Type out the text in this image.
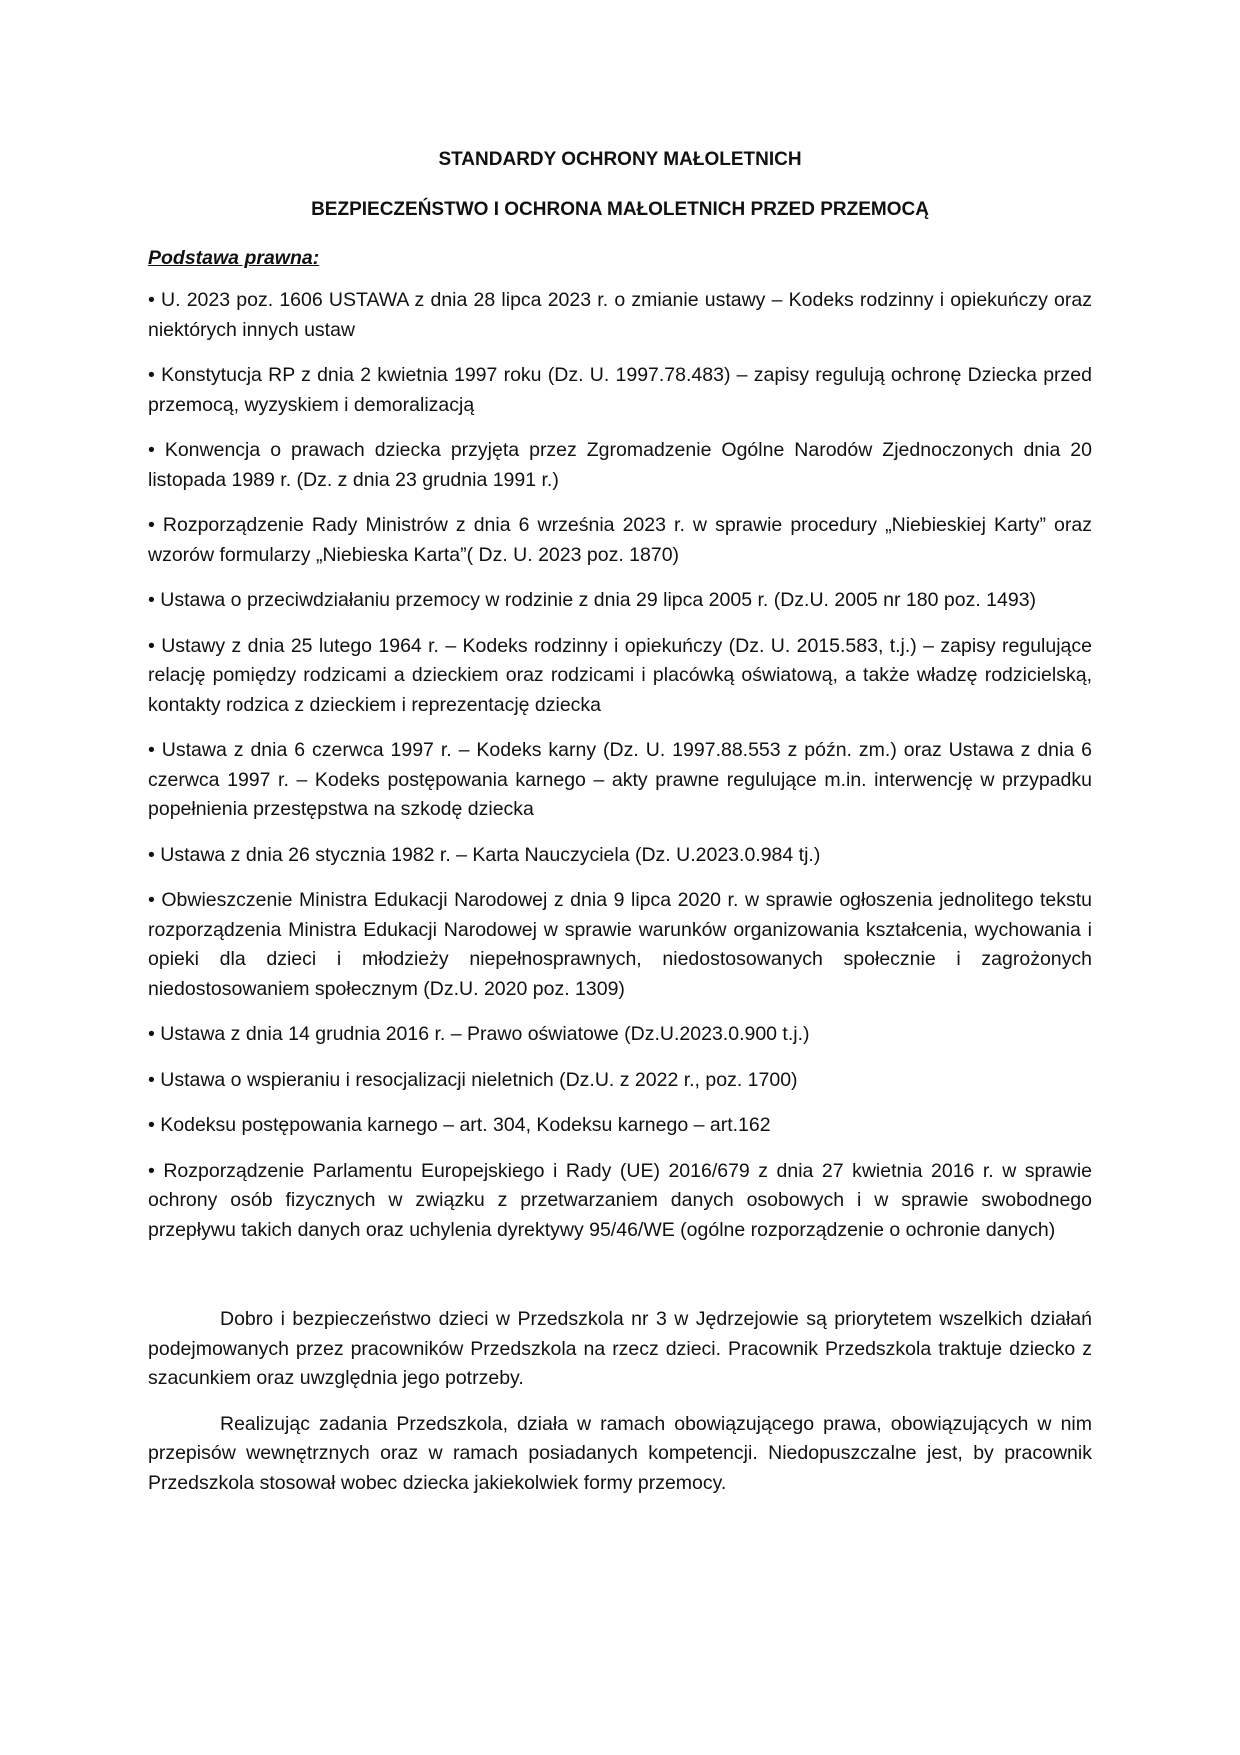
STANDARDY OCHRONY MAŁOLETNICH
BEZPIECZEŃSTWO I OCHRONA MAŁOLETNICH PRZED PRZEMOCĄ

Podstawa prawna:

• U. 2023 poz. 1606 USTAWA z dnia 28 lipca 2023 r. o zmianie ustawy – Kodeks rodzinny i opiekuńczy oraz niektórych innych ustaw
• Konstytucja RP z dnia 2 kwietnia 1997 roku (Dz. U. 1997.78.483) – zapisy regulują ochronę Dziecka przed przemocą, wyzyskiem i demoralizacją
• Konwencja o prawach dziecka przyjęta przez Zgromadzenie Ogólne Narodów Zjednoczonych dnia 20 listopada 1989 r. (Dz. z dnia 23 grudnia 1991 r.)
• Rozporządzenie Rady Ministrów z dnia 6 września 2023 r. w sprawie procedury „Niebieskiej Karty” oraz wzorów formularzy „Niebieska Karta”( Dz. U. 2023 poz. 1870)
• Ustawa o przeciwdziałaniu przemocy w rodzinie z dnia 29 lipca 2005 r. (Dz.U. 2005 nr 180 poz. 1493)
• Ustawy z dnia 25 lutego 1964 r. – Kodeks rodzinny i opiekuńczy (Dz. U. 2015.583, t.j.) – zapisy regulujące relację pomiędzy rodzicami a dzieckiem oraz rodzicami i placówką oświatową, a także władzę rodzicielską, kontakty rodzica z dzieckiem i reprezentację dziecka
• Ustawa z dnia 6 czerwca 1997 r. – Kodeks karny (Dz. U. 1997.88.553 z późn. zm.) oraz Ustawa z dnia 6 czerwca 1997 r. – Kodeks postępowania karnego – akty prawne regulujące m.in. interwencję w przypadku popełnienia przestępstwa na szkodę dziecka
• Ustawa z dnia 26 stycznia 1982 r. – Karta Nauczyciela (Dz. U.2023.0.984 tj.)
• Obwieszczenie Ministra Edukacji Narodowej z dnia 9 lipca 2020 r. w sprawie ogłoszenia jednolitego tekstu rozporządzenia Ministra Edukacji Narodowej w sprawie warunków organizowania kształcenia, wychowania i opieki dla dzieci i młodzieży niepełnosprawnych, niedostosowanych społecznie i zagrożonych niedostosowaniem społecznym (Dz.U. 2020 poz. 1309)
• Ustawa z dnia 14 grudnia 2016 r. – Prawo oświatowe (Dz.U.2023.0.900 t.j.)
• Ustawa o wspieraniu i resocjalizacji nieletnich (Dz.U. z 2022 r., poz. 1700)
• Kodeksu postępowania karnego – art. 304, Kodeksu karnego – art.162
• Rozporządzenie Parlamentu Europejskiego i Rady (UE) 2016/679 z dnia 27 kwietnia 2016 r. w sprawie ochrony osób fizycznych w związku z przetwarzaniem danych osobowych i w sprawie swobodnego przepływu takich danych oraz uchylenia dyrektywy 95/46/WE (ogólne rozporządzenie o ochronie danych)

Dobro i bezpieczeństwo dzieci w Przedszkola nr 3 w Jędrzejowie są priorytetem wszelkich działań podejmowanych przez pracowników Przedszkola na rzecz dzieci. Pracownik Przedszkola traktuje dziecko z szacunkiem oraz uwzględnia jego potrzeby.

Realizując zadania Przedszkola, działa w ramach obowiązującego prawa, obowiązujących w nim przepisów wewnętrznych oraz w ramach posiadanych kompetencji. Niedopuszczalne jest, by pracownik Przedszkola stosował wobec dziecka jakiekolwiek formy przemocy.
